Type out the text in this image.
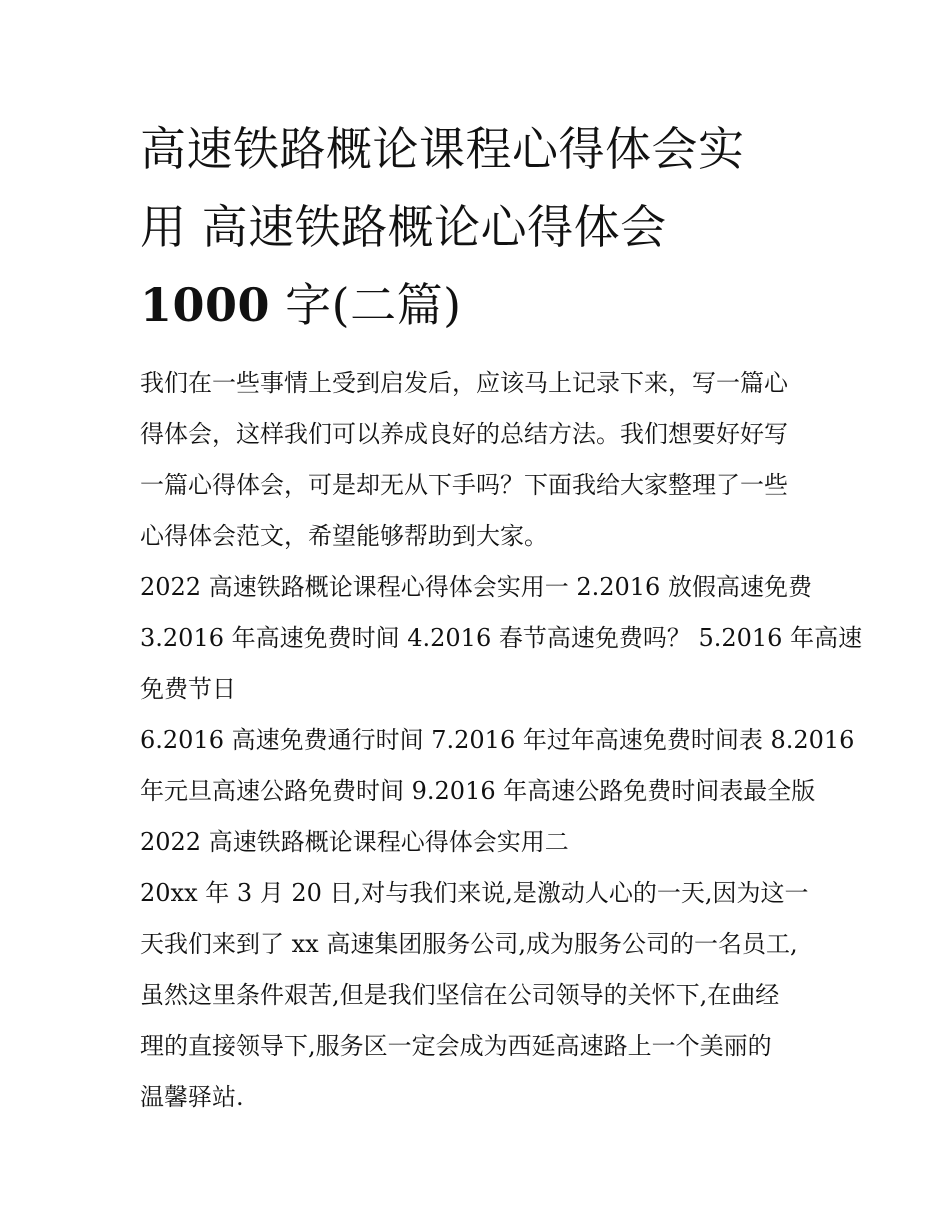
高速铁路概论课程心得体会实
用 高速铁路概论心得体会
1000 字(二篇)

我们在一些事情上受到启发后，应该马上记录下来，写一篇心
得体会，这样我们可以养成良好的总结方法。我们想要好好写
一篇心得体会，可是却无从下手吗？下面我给大家整理了一些
心得体会范文，希望能够帮助到大家。

2022 高速铁路概论课程心得体会实用一 2.2016 放假高速免费
3.2016 年高速免费时间 4.2016 春节高速免费吗？ 5.2016 年高速
免费节日

6.2016 高速免费通行时间 7.2016 年过年高速免费时间表 8.2016
年元旦高速公路免费时间 9.2016 年高速公路免费时间表最全版

2022 高速铁路概论课程心得体会实用二

20xx 年 3 月 20 日,对与我们来说,是激动人心的一天,因为这一
天我们来到了 xx 高速集团服务公司,成为服务公司的一名员工,
虽然这里条件艰苦,但是我们坚信在公司领导的关怀下,在曲经
理的直接领导下,服务区一定会成为西延高速路上一个美丽的
温馨驿站.
